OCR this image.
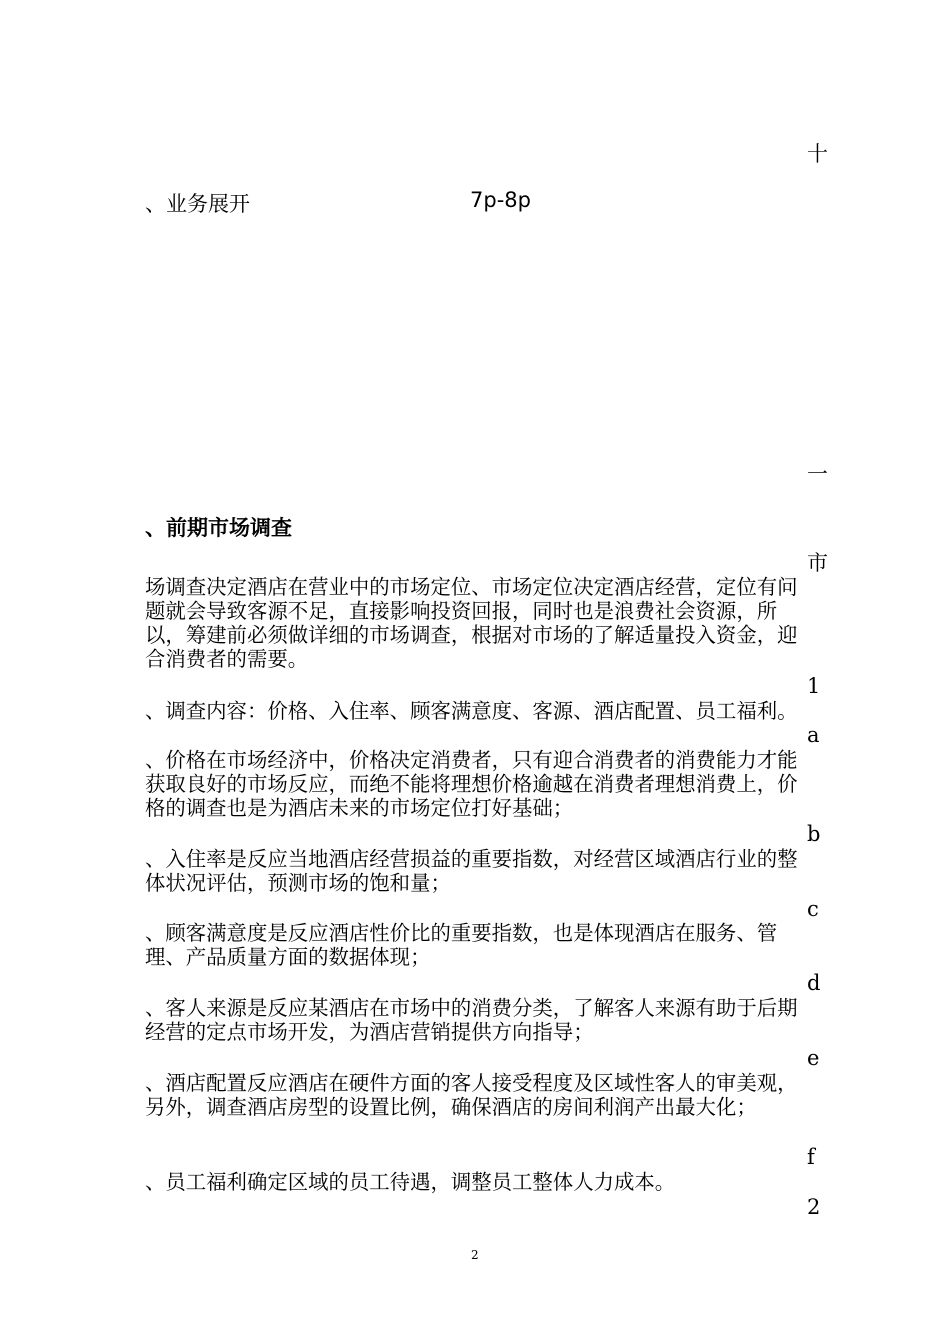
十
、业务展开	7p-8p
一
、前期市场调查
市
场调查决定酒店在营业中的市场定位、市场定位决定酒店经营，定位有问题就会导致客源不足，直接影响投资回报，同时也是浪费社会资源，所以，筹建前必须做详细的市场调查，根据对市场的了解适量投入资金，迎合消费者的需要。
1
、调查内容：价格、入住率、顾客满意度、客源、酒店配置、员工福利。
a
、价格在市场经济中，价格决定消费者，只有迎合消费者的消费能力才能获取良好的市场反应，而绝不能将理想价格逾越在消费者理想消费上，价格的调查也是为酒店未来的市场定位打好基础；
b
、入住率是反应当地酒店经营损益的重要指数，对经营区域酒店行业的整体状况评估，预测市场的饱和量；
c
、顾客满意度是反应酒店性价比的重要指数，也是体现酒店在服务、管理、产品质量方面的数据体现；
d
、客人来源是反应某酒店在市场中的消费分类，了解客人来源有助于后期经营的定点市场开发，为酒店营销提供方向指导；
e
、酒店配置反应酒店在硬件方面的客人接受程度及区域性客人的审美观，另外，调查酒店房型的设置比例，确保酒店的房间利润产出最大化；
f
、员工福利确定区域的员工待遇，调整员工整体人力成本。
2
2
